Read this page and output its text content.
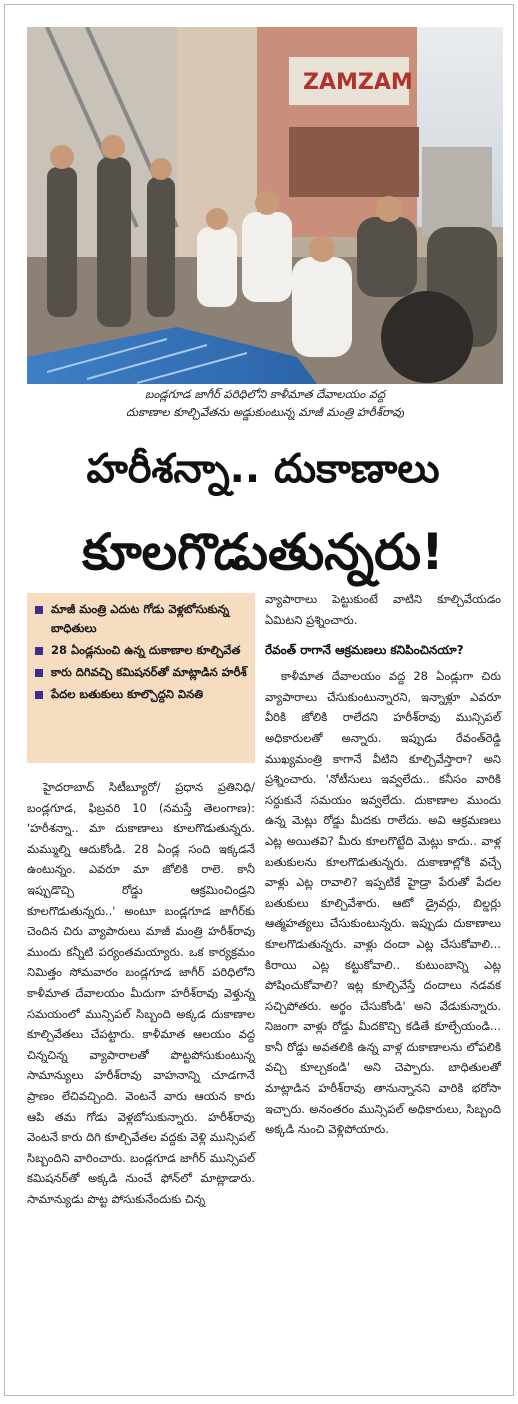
ZAMZAM
బండ్లగూడ జాగీర్ పరిధిలోని కాళీమాత దేవాలయం వద్ద
దుకాణాల కూల్చివేతను అడ్డుకుంటున్న మాజీ మంత్రి హరీశ్‌రావు
హరీశన్నా.. దుకాణాలు
కూలగొడుతున్నరు!
మాజీ మంత్రి ఎదుట గోడు వెళ్లబోసుకున్న బాధితులు
28 ఏండ్లనుంచి ఉన్న దుకాణాల కూల్చివేత
కారు దిగివచ్చి కమిషనర్‌తో మాట్లాడిన హరీశ్
పేదల బతుకులు కూల్చొద్దని వినతి

హైదరాబాద్ సిటీబ్యూరో/ ప్రధాన ప్రతినిధి/బండ్లగూడ, ఫిబ్రవరి 10 (నమస్తే తెలంగాణ): 'హరీశన్నా.. మా దుకాణాలు కూలగొడుతున్నరు. మమ్ముల్ని ఆదుకోండి. 28 ఏండ్ల సంది ఇక్కడనే ఉంటున్నం. ఎవరూ మా జోలికి రాలె. కానీ ఇప్పుడొచ్చి రోడ్డు ఆక్రమించిండ్రని కూలగొడుతున్నరు..' అంటూ బండ్లగూడ జాగీర్‌కు చెందిన చిరు వ్యాపారులు మాజీ మంత్రి హరీశ్‌రావు ముందు కన్నీటి పర్యంతమయ్యారు. ఒక కార్యక్రమం నిమిత్తం సోమవారం బండ్లగూడ జాగీర్ పరిధిలోని కాళీమాత దేవాలయం మీదుగా హరీశ్‌రావు వెళ్తున్న సమయంలో మున్సిపల్ సిబ్బంది అక్కడ దుకాణాల కూల్చివేతలు చేపట్టారు. కాళీమాత ఆలయం వద్ద చిన్నచిన్న వ్యాపారాలతో పొట్టపోసుకుంటున్న సామాన్యులు హరీశ్‌రావు వాహనాన్ని చూడగానే ప్రాణం లేచివచ్చింది. వెంటనే వారు ఆయన కారు ఆపి తమ గోడు వెళ్లబోసుకున్నారు. హరీశ్‌రావు వెంటనే కారు దిగి కూల్చివేతల వద్దకు వెళ్లి మున్సిపల్ సిబ్బందిని వారించారు. బండ్లగూడ జాగీర్ మున్సిపల్ కమిషనర్‌తో అక్కడి నుంచే ఫోన్‌లో మాట్లాడారు. సామాన్యుడు పొట్ట పోసుకునేందుకు చిన్న

వ్యాపారాలు పెట్టుకుంటే వాటిని కూల్చివేయడం ఏమిటని ప్రశ్నించారు.

రేవంత్ రాగానే ఆక్రమణలు కనిపించినయా?

కాళీమాత దేవాలయం వద్ద 28 ఏండ్లుగా చిరు వ్యాపారాలు చేసుకుంటున్నారని, ఇన్నాళ్లూ ఎవరూ వీరికి జోలికి రాలేదని హరీశ్‌రావు మున్సిపల్ అధికారులతో అన్నారు. ఇప్పుడు రేవంత్‌రెడ్డి ముఖ్యమంత్రి కాగానే వీటిని కూల్చివేస్తారా? అని ప్రశ్నించారు. 'నోటీసులు ఇవ్వలేదు.. కనీసం వారికి సర్దుకునే సమయం ఇవ్వలేదు. దుకాణాల ముందు ఉన్న మెట్లు రోడ్డు మీదకు రాలేదు. అవి ఆక్రమణలు ఎట్ల అయితవి? మీరు కూలగొట్టేది మెట్లు కాదు.. వాళ్ల బతుకులను కూలగొడుతున్నరు. దుకాణాల్లోకి వచ్చే వాళ్లు ఎట్ల రావాలి? ఇప్పటికే హైడ్రా పేరుతో పేదల బతుకులు కూల్చివేశారు. ఆటో డ్రైవర్లు, బిల్డర్లు ఆత్మహత్యలు చేసుకుంటున్నరు. ఇప్పుడు దుకాణాలు కూలగొడుతున్నరు. వాళ్లు దందా ఎట్ల చేసుకోవాలి... కిరాయి ఎట్ల కట్టుకోవాలి.. కుటుంబాన్ని ఎట్ల పోషించుకోవాలి? ఇట్ల కూల్చివేస్తే దందాలు నడవక సచ్చిపోతరు. అర్థం చేసుకోండి' అని వేడుకున్నారు. నిజంగా వాళ్లు రోడ్డు మీదకొచ్చి కడితే కూల్చేయండి... కానీ రోడ్డు అవతలికి ఉన్న వాళ్ల దుకాణాలను లోపలికి వచ్చి కూల్చకండి' అని చెప్పారు. బాధితులతో మాట్లాడిన హరీశ్‌రావు తానున్నానని వారికి భరోసా ఇచ్చారు. అనంతరం మున్సిపల్ అధికారులు, సిబ్బంది అక్కడి నుంచి వెళ్లిపోయారు.
